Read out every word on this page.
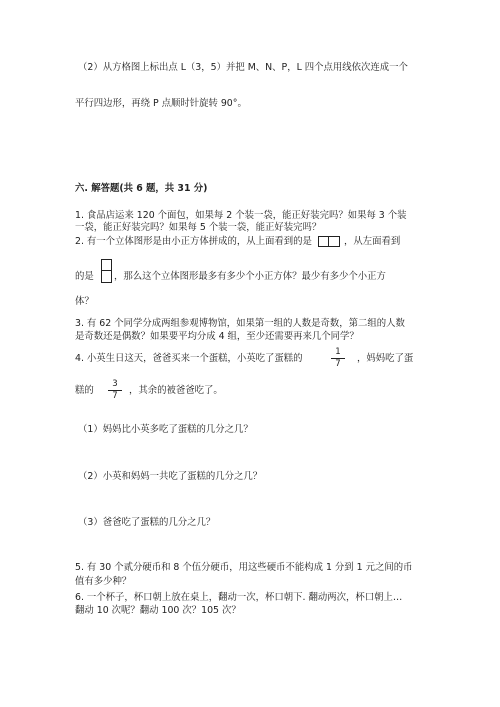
（2）从方格图上标出点 L（3，5）并把 M、N、P，L 四个点用线依次连成一个
平行四边形，再绕 P 点顺时针旋转 90°。
六. 解答题(共 6 题，共 31 分)
1. 食品店运来 120 个面包，如果每 2 个装一袋，能正好装完吗？如果每 3 个装
一袋，能正好装完吗？如果每 5 个装一袋，能正好装完吗？
2. 有一个立体图形是由小正方体拼成的，从上面看到的是	，从左面看到
的是 ，那么这个立体图形最多有多少个小正方体？最少有多少个小正方
体？
3. 有 62 个同学分成两组参观博物馆，如果第一组的人数是奇数，第二组的人数
是奇数还是偶数？如果要平均分成 4 组，至少还需要再来几个同学？
4. 小英生日这天，爸爸买来一个蛋糕，小英吃了蛋糕的	$\frac{1}{7}$ ，妈妈吃了蛋
糕的 $\frac{3}{7}$ ，其余的被爸爸吃了。
（1）妈妈比小英多吃了蛋糕的几分之几？
（2）小英和妈妈一共吃了蛋糕的几分之几？
（3）爸爸吃了蛋糕的几分之几？
5. 有 30 个贰分硬币和 8 个伍分硬币，用这些硬币不能构成 1 分到 1 元之间的币
值有多少种？
6. 一个杯子，杯口朝上放在桌上，翻动一次，杯口朝下. 翻动两次，杯口朝上…
翻动 10 次呢？翻动 100 次？105 次？
